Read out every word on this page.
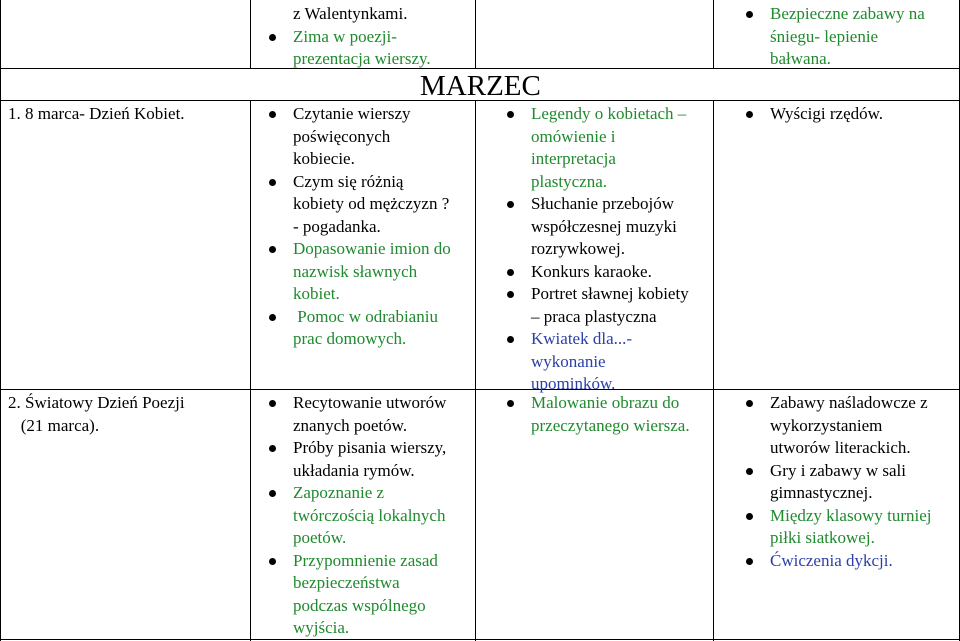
MARZEC
1. 8 marca- Dzień Kobiet.
2. Światowy Dzień Poezji
(21 marca).
z Walentynkami.
Zima w poezji-
prezentacja wierszy.
Bezpieczne zabawy na
śniegu- lepienie
bałwana.
Czytanie wierszy
poświęconych
kobiecie.
Czym się różnią
kobiety od mężczyzn ?
- pogadanka.
Dopasowanie imion do
nazwisk sławnych
kobiet.
Pomoc w odrabianiu
prac domowych.
Legendy o kobietach –
omówienie i
interpretacja
plastyczna.
Słuchanie przebojów
współczesnej muzyki
rozrywkowej.
Konkurs karaoke.
Portret sławnej kobiety
– praca plastyczna
Kwiatek dla...-
wykonanie
upominków.
Wyścigi rzędów.
Recytowanie utworów
znanych poetów.
Próby pisania wierszy,
układania rymów.
Zapoznanie z
twórczością lokalnych
poetów.
Przypomnienie zasad
bezpieczeństwa
podczas wspólnego
wyjścia.
Malowanie obrazu do
przeczytanego wiersza.
Zabawy naśladowcze z
wykorzystaniem
utworów literackich.
Gry i zabawy w sali
gimnastycznej.
Między klasowy turniej
piłki siatkowej.
Ćwiczenia dykcji.
